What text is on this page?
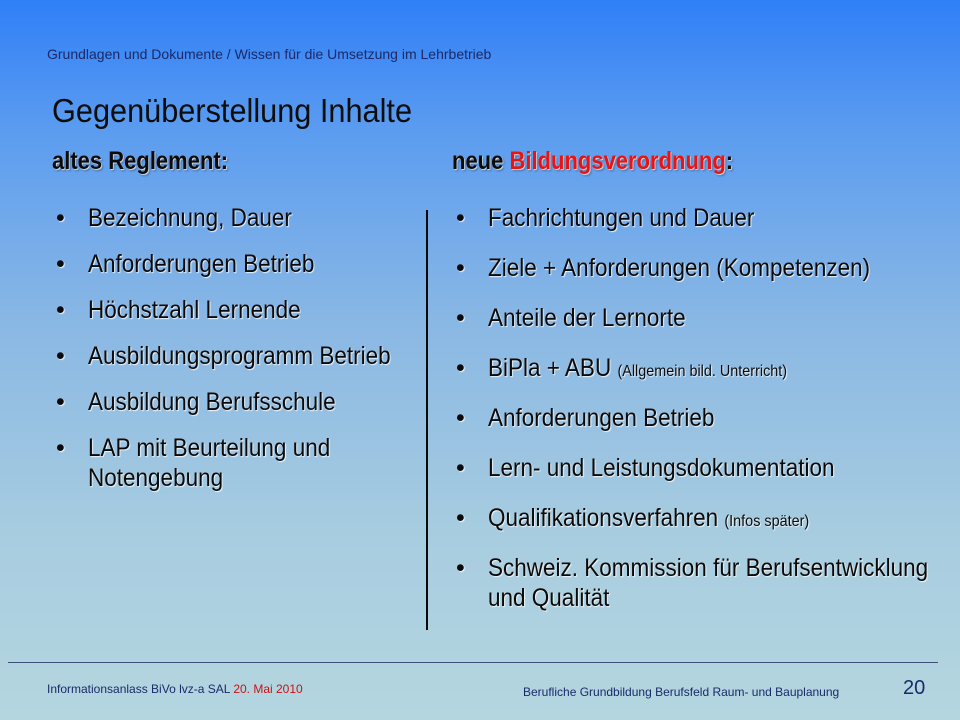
Grundlagen und Dokumente / Wissen für die Umsetzung im Lehrbetrieb
Gegenüberstellung Inhalte
altes Reglement:	neue Bildungsverordnung:
• Bezeichnung, Dauer
• Anforderungen Betrieb
• Höchstzahl Lernende
• Ausbildungsprogramm Betrieb
• Ausbildung Berufsschule
• LAP mit Beurteilung und Notengebung
• Fachrichtungen und Dauer
• Ziele + Anforderungen (Kompetenzen)
• Anteile der Lernorte
• BiPla + ABU (Allgemein bild. Unterricht)
• Anforderungen Betrieb
• Lern- und Leistungsdokumentation
• Qualifikationsverfahren (Infos später)
• Schweiz. Kommission für Berufsentwicklung und Qualität
Informationsanlass BiVo lvz-a SAL 20. Mai 2010	Berufliche Grundbildung Berufsfeld Raum- und Bauplanung	20
